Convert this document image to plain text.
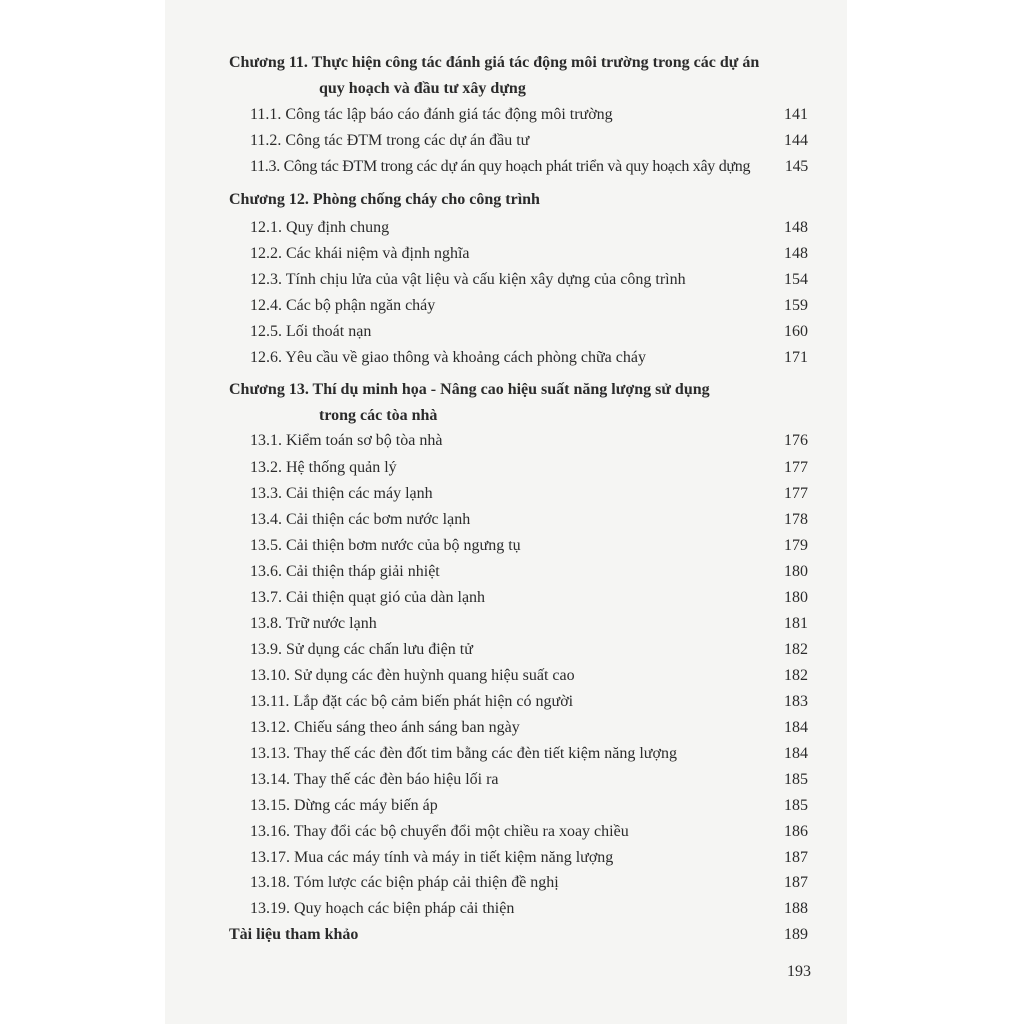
Chương 11. Thực hiện công tác đánh giá tác động môi trường trong các dự án
quy hoạch và đầu tư xây dựng
11.1. Công tác lập báo cáo đánh giá tác động môi trường	141
11.2. Công tác ĐTM trong các dự án đầu tư	144
11.3. Công tác ĐTM trong các dự án quy hoạch phát triển và quy hoạch xây dựng 145
Chương 12. Phòng chống cháy cho công trình
12.1. Quy định chung	148
12.2. Các khái niệm và định nghĩa	148
12.3. Tính chịu lửa của vật liệu và cấu kiện xây dựng của công trình	154
12.4. Các bộ phận ngăn cháy	159
12.5. Lối thoát nạn	160
12.6. Yêu cầu về giao thông và khoảng cách phòng chữa cháy	171
Chương 13. Thí dụ minh họa - Nâng cao hiệu suất năng lượng sử dụng
trong các tòa nhà
13.1. Kiểm toán sơ bộ tòa nhà	176
13.2. Hệ thống quản lý	177
13.3. Cải thiện các máy lạnh	177
13.4. Cải thiện các bơm nước lạnh	178
13.5. Cải thiện bơm nước của bộ ngưng tụ	179
13.6. Cải thiện tháp giải nhiệt	180
13.7. Cải thiện quạt gió của dàn lạnh	180
13.8. Trữ nước lạnh	181
13.9. Sử dụng các chấn lưu điện tử	182
13.10. Sử dụng các đèn huỳnh quang hiệu suất cao	182
13.11. Lắp đặt các bộ cảm biến phát hiện có người	183
13.12. Chiếu sáng theo ánh sáng ban ngày	184
13.13. Thay thế các đèn đốt tim bằng các đèn tiết kiệm năng lượng	184
13.14. Thay thế các đèn báo hiệu lối ra	185
13.15. Dừng các máy biến áp	185
13.16. Thay đổi các bộ chuyển đổi một chiều ra xoay chiều	186
13.17. Mua các máy tính và máy in tiết kiệm năng lượng	187
13.18. Tóm lược các biện pháp cải thiện đề nghị	187
13.19. Quy hoạch các biện pháp cải thiện	188
Tài liệu tham khảo	189
193
